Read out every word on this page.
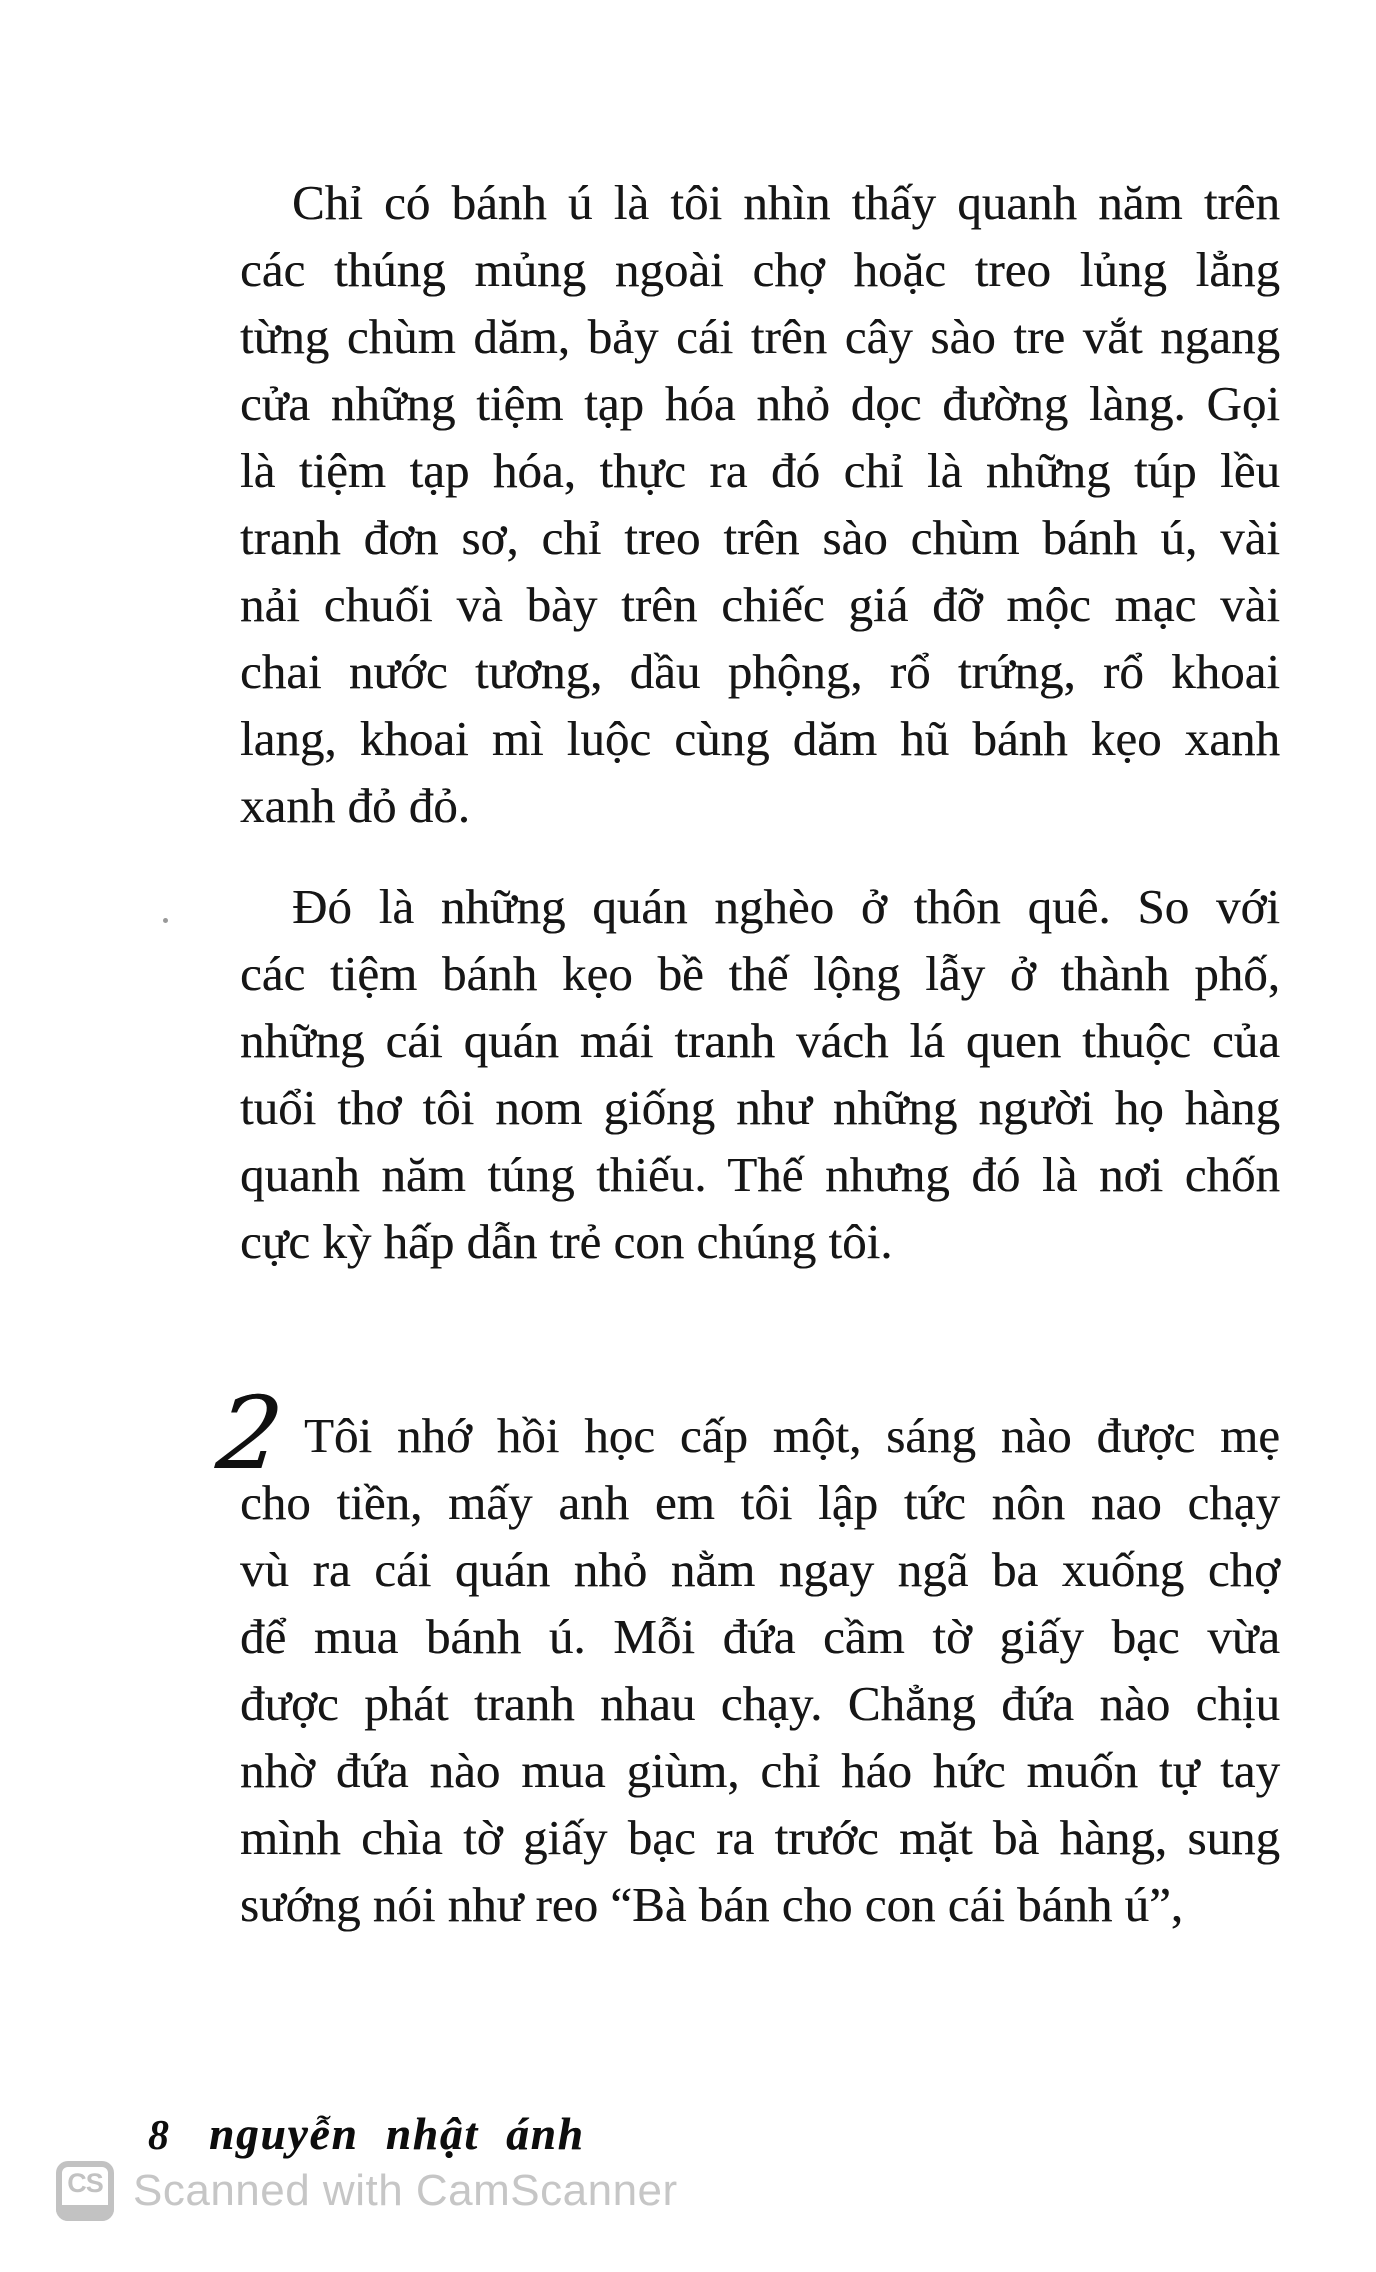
Chỉ có bánh ú là tôi nhìn thấy quanh năm trên
các thúng mủng ngoài chợ hoặc treo lủng lẳng
từng chùm dăm, bảy cái trên cây sào tre vắt ngang
cửa những tiệm tạp hóa nhỏ dọc đường làng. Gọi
là tiệm tạp hóa, thực ra đó chỉ là những túp lều
tranh đơn sơ, chỉ treo trên sào chùm bánh ú, vài
nải chuối và bày trên chiếc giá đỡ mộc mạc vài
chai nước tương, dầu phộng, rổ trứng, rổ khoai
lang, khoai mì luộc cùng dăm hũ bánh kẹo xanh
xanh đỏ đỏ.
Đó là những quán nghèo ở thôn quê. So với
các tiệm bánh kẹo bề thế lộng lẫy ở thành phố,
những cái quán mái tranh vách lá quen thuộc của
tuổi thơ tôi nom giống như những người họ hàng
quanh năm túng thiếu. Thế nhưng đó là nơi chốn
cực kỳ hấp dẫn trẻ con chúng tôi.
2 Tôi nhớ hồi học cấp một, sáng nào được mẹ
cho tiền, mấy anh em tôi lập tức nôn nao chạy
vù ra cái quán nhỏ nằm ngay ngã ba xuống chợ
để mua bánh ú. Mỗi đứa cầm tờ giấy bạc vừa
được phát tranh nhau chạy. Chẳng đứa nào chịu
nhờ đứa nào mua giùm, chỉ háo hức muốn tự tay
mình chìa tờ giấy bạc ra trước mặt bà hàng, sung
sướng nói như reo “Bà bán cho con cái bánh ú”,
8 nguyễn nhật ánh
CS Scanned with CamScanner
